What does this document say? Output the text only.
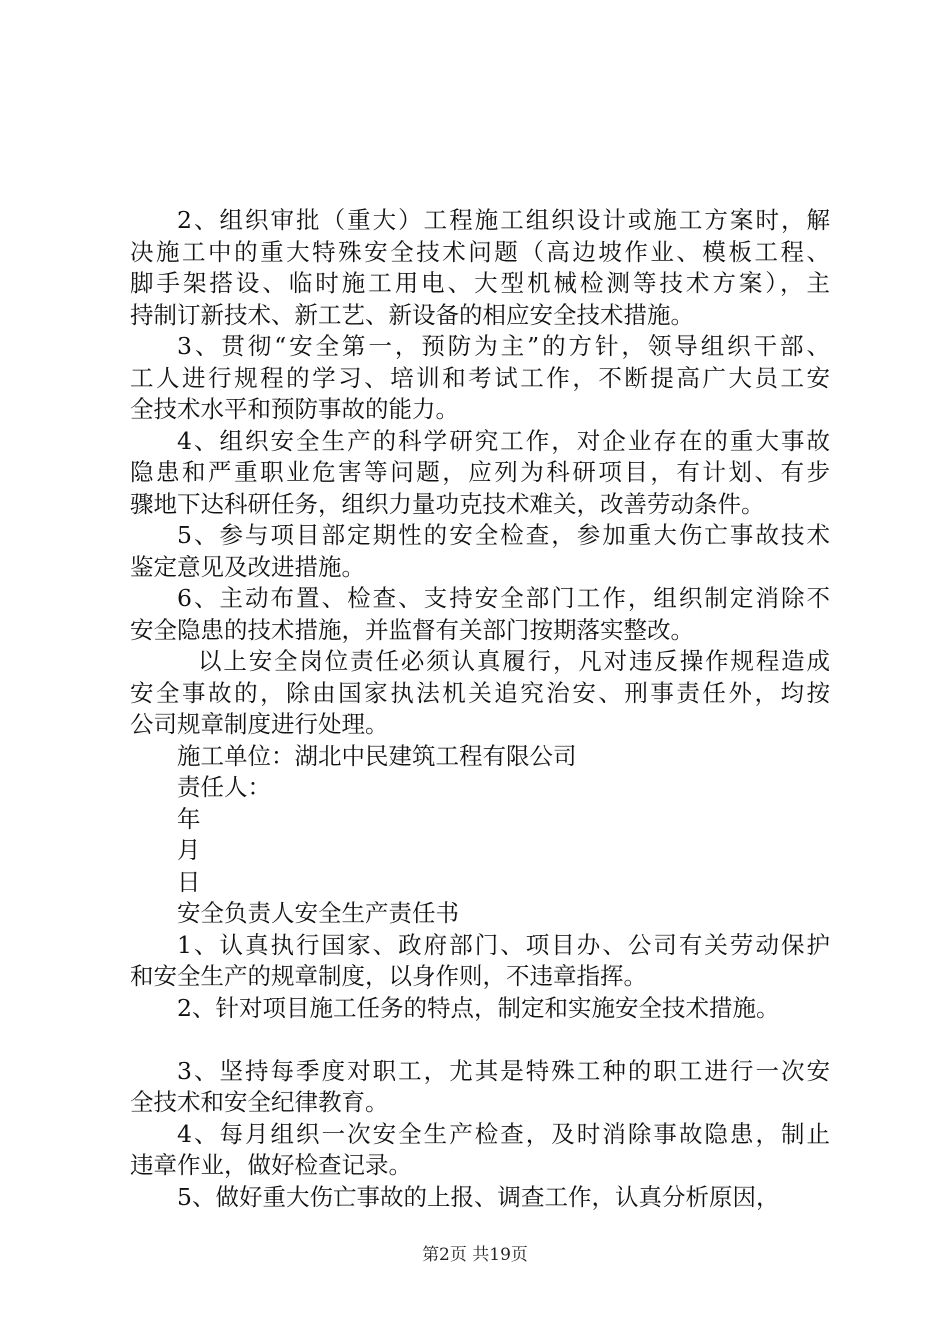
2、组织审批（重大）工程施工组织设计或施工方案时，解
决施工中的重大特殊安全技术问题（高边坡作业、模板工程、
脚手架搭设、临时施工用电、大型机械检测等技术方案），主
持制订新技术、新工艺、新设备的相应安全技术措施。
3、贯彻“安全第一，预防为主”的方针，领导组织干部、
工人进行规程的学习、培训和考试工作，不断提高广大员工安
全技术水平和预防事故的能力。
4、组织安全生产的科学研究工作，对企业存在的重大事故
隐患和严重职业危害等问题，应列为科研项目，有计划、有步
骤地下达科研任务，组织力量功克技术难关，改善劳动条件。
5、参与项目部定期性的安全检查，参加重大伤亡事故技术
鉴定意见及改进措施。
6、主动布置、检查、支持安全部门工作，组织制定消除不
安全隐患的技术措施，并监督有关部门按期落实整改。
以上安全岗位责任必须认真履行，凡对违反操作规程造成
安全事故的，除由国家执法机关追究治安、刑事责任外，均按
公司规章制度进行处理。
施工单位：湖北中民建筑工程有限公司
责任人：
年
月
日
安全负责人安全生产责任书
1、认真执行国家、政府部门、项目办、公司有关劳动保护
和安全生产的规章制度，以身作则，不违章指挥。
2、针对项目施工任务的特点，制定和实施安全技术措施。
3、坚持每季度对职工，尤其是特殊工种的职工进行一次安
全技术和安全纪律教育。
4、每月组织一次安全生产检查，及时消除事故隐患，制止
违章作业，做好检查记录。
5、做好重大伤亡事故的上报、调查工作，认真分析原因，
第2页 共19页
